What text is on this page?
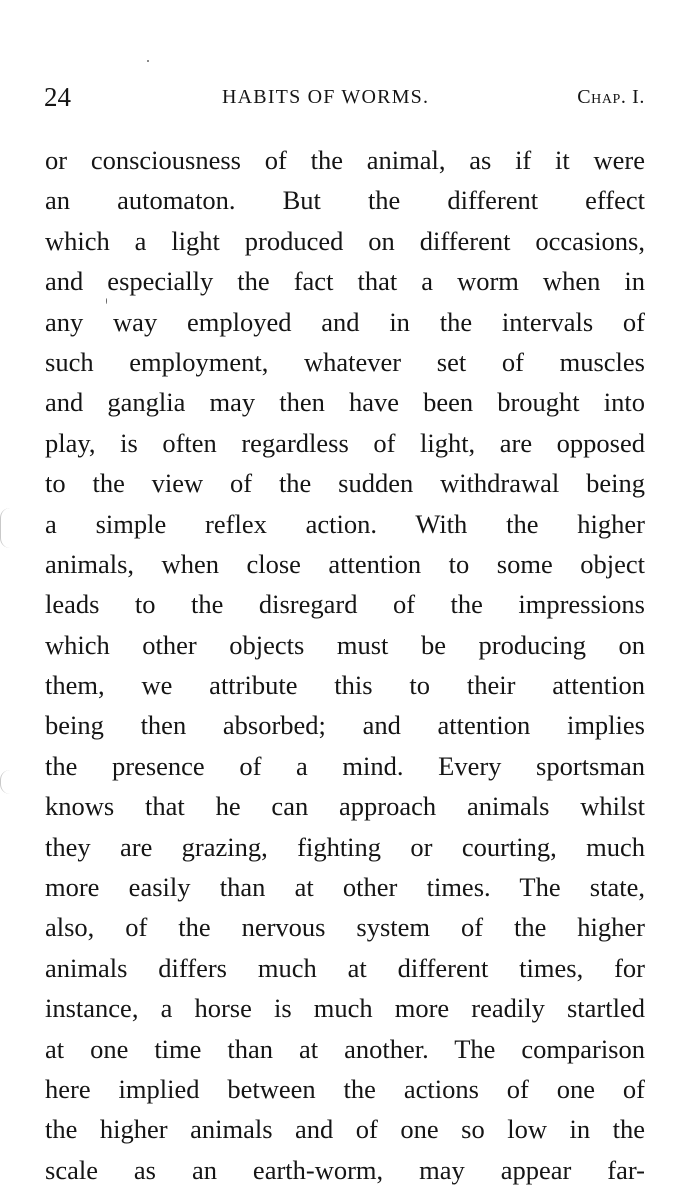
24	HABITS OF WORMS.	Chap. I.
or consciousness of the animal, as if it were
an automaton. But the different effect
which a light produced on different occasions,
and especially the fact that a worm when in
any way employed and in the intervals of
such employment, whatever set of muscles
and ganglia may then have been brought into
play, is often regardless of light, are opposed
to the view of the sudden withdrawal being
a simple reflex action. With the higher
animals, when close attention to some object
leads to the disregard of the impressions
which other objects must be producing on
them, we attribute this to their attention
being then absorbed; and attention implies
the presence of a mind. Every sportsman
knows that he can approach animals whilst
they are grazing, fighting or courting, much
more easily than at other times. The state,
also, of the nervous system of the higher
animals differs much at different times, for
instance, a horse is much more readily startled
at one time than at another. The comparison
here implied between the actions of one of
the higher animals and of one so low in the
scale as an earth-worm, may appear far-
